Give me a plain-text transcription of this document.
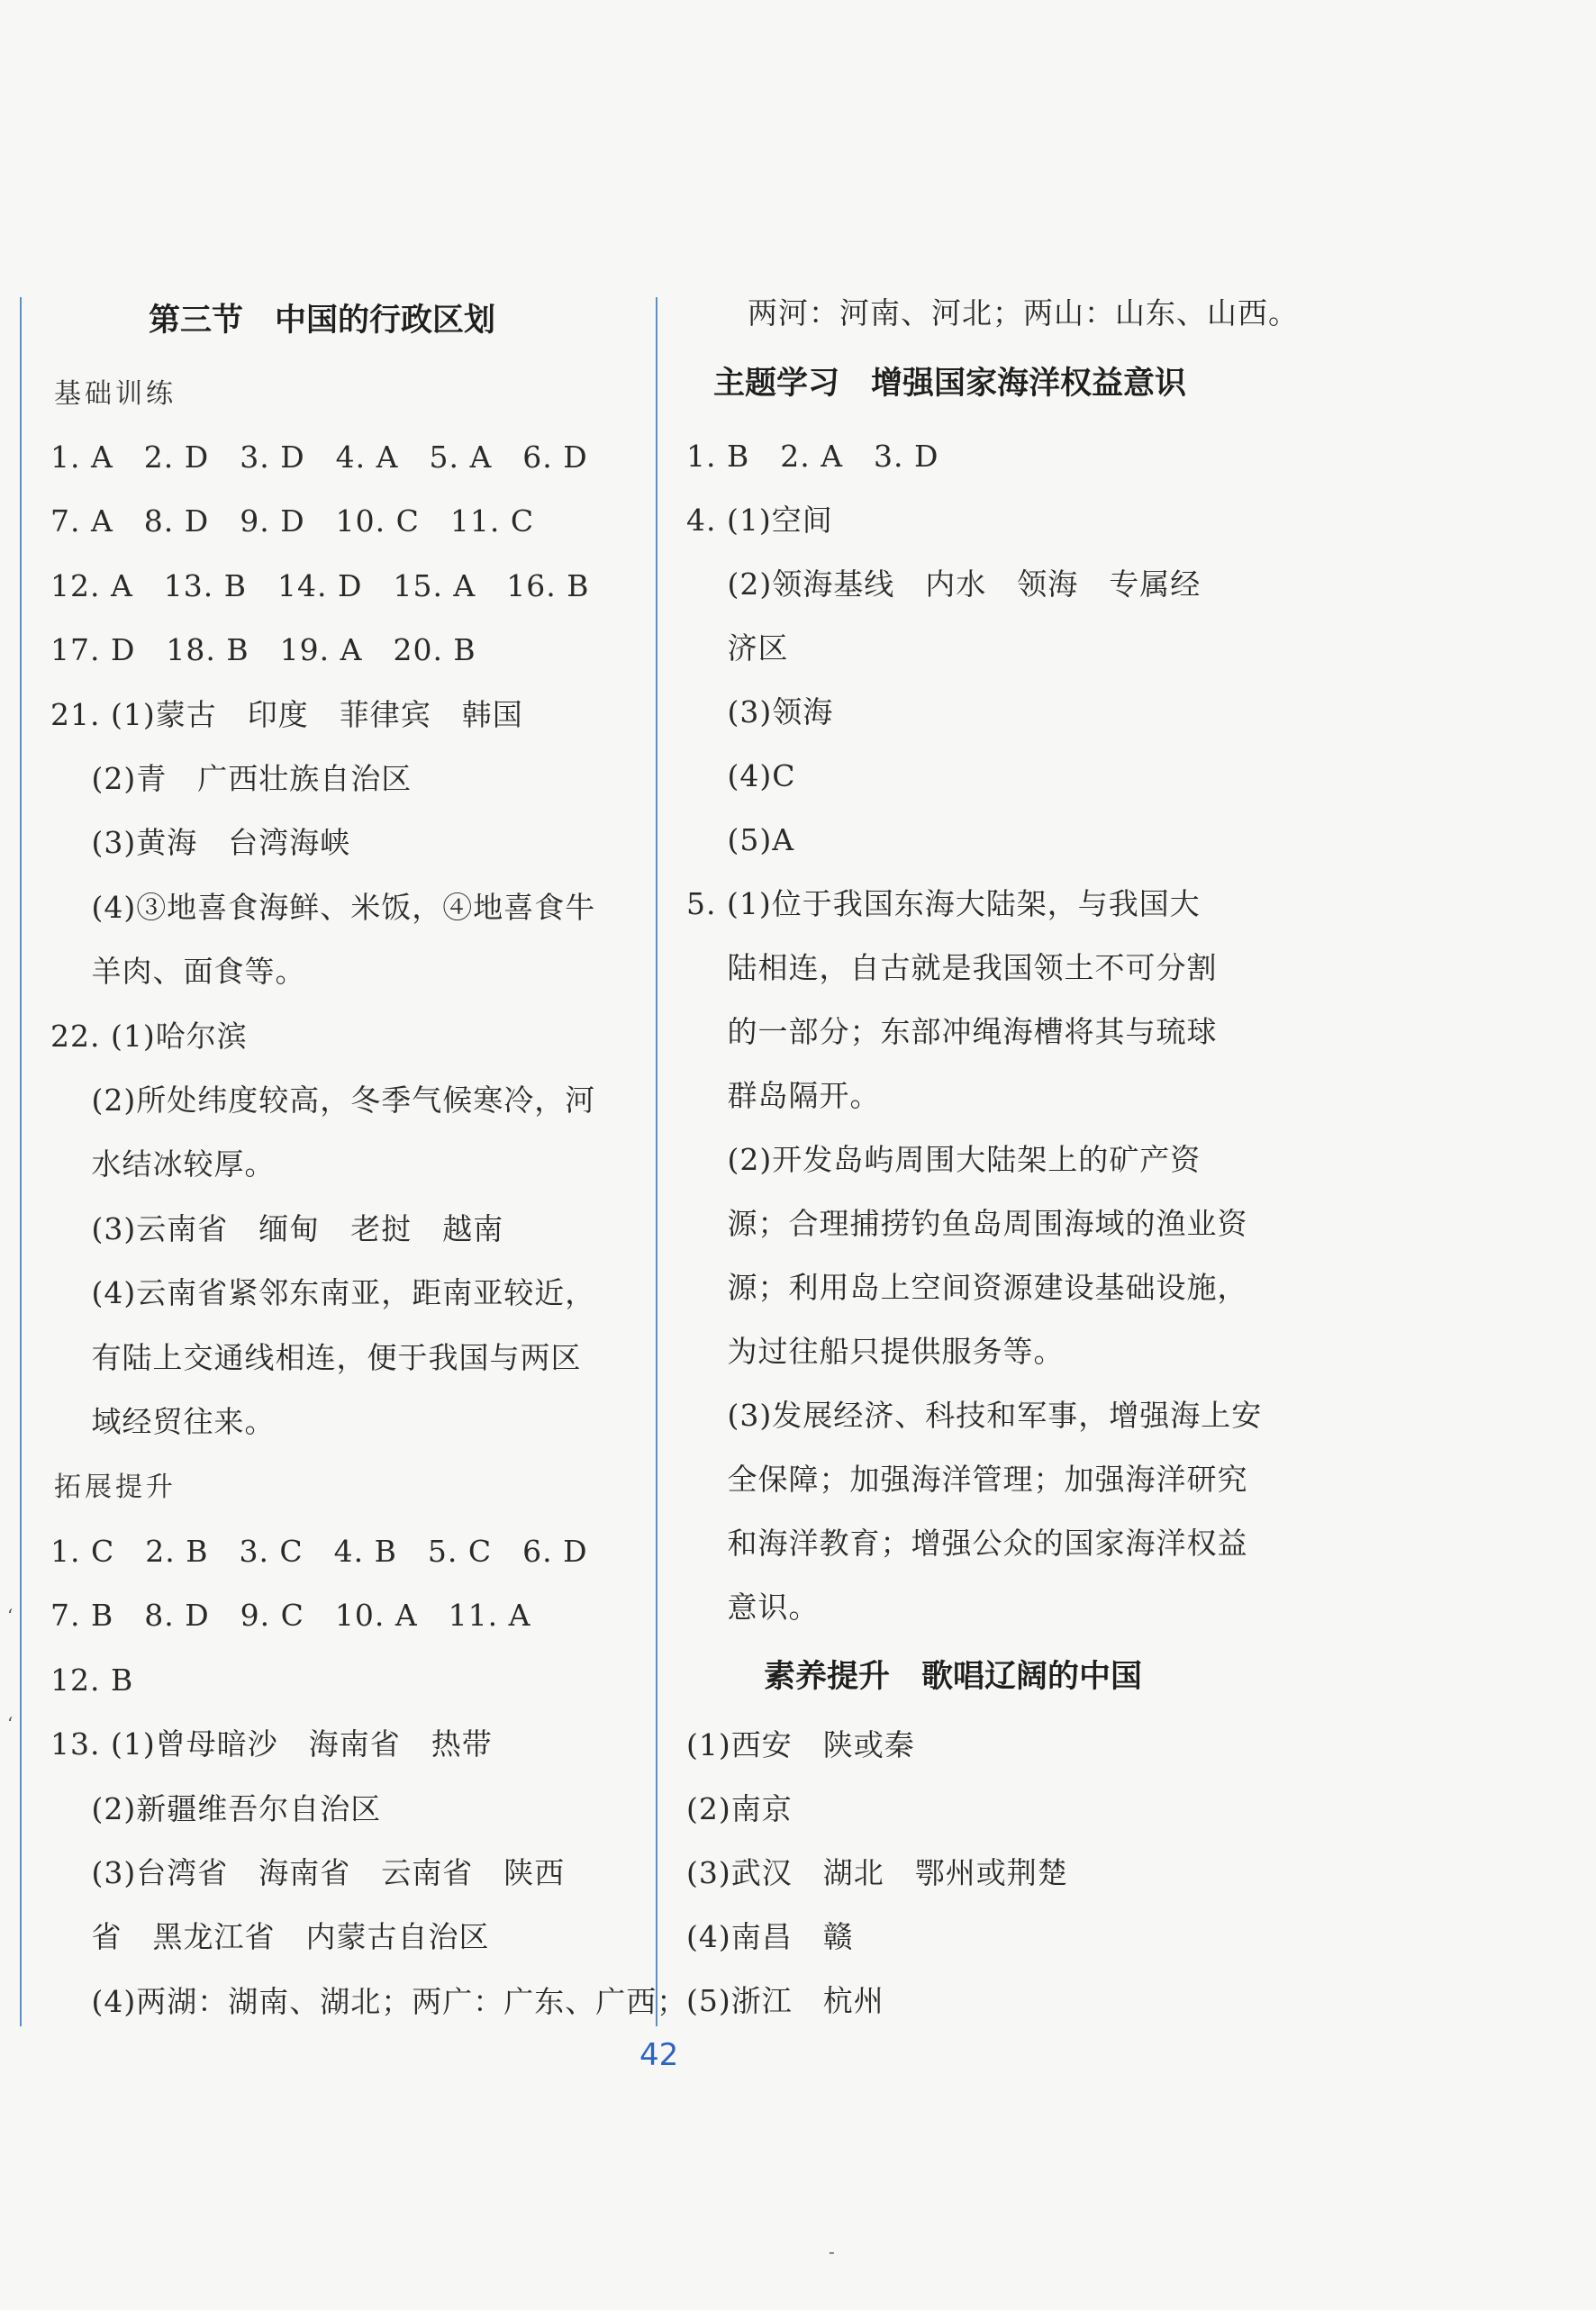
第三节　中国的行政区划
基础训练
1. A　2. D　3. D　4. A　5. A　6. D
7. A　8. D　9. D　10. C　11. C
12. A　13. B　14. D　15. A　16. B
17. D　18. B　19. A　20. B
21. (1)蒙古　印度　菲律宾　韩国
　 (2)青　广西壮族自治区
　 (3)黄海　台湾海峡
　 (4)③地喜食海鲜、米饭，④地喜食牛
　 羊肉、面食等。
22. (1)哈尔滨
　 (2)所处纬度较高，冬季气候寒冷，河
　 水结冰较厚。
　 (3)云南省　缅甸　老挝　越南
　 (4)云南省紧邻东南亚，距南亚较近，
　 有陆上交通线相连，便于我国与两区
　 域经贸往来。
拓展提升
1. C　2. B　3. C　4. B　5. C　6. D
7. B　8. D　9. C　10. A　11. A
12. B
13. (1)曾母暗沙　海南省　热带
　 (2)新疆维吾尔自治区
　 (3)台湾省　海南省　云南省　陕西
　 省　黑龙江省　内蒙古自治区
　 (4)两湖：湖南、湖北；两广：广东、广西；
两河：河南、河北；两山：山东、山西。
主题学习　增强国家海洋权益意识
1. B　2. A　3. D
4. (1)空间
　 (2)领海基线　内水　领海　专属经
　 济区
　 (3)领海
　 (4)C
　 (5)A
5. (1)位于我国东海大陆架，与我国大
　 陆相连，自古就是我国领土不可分割
　 的一部分；东部冲绳海槽将其与琉球
　 群岛隔开。
　 (2)开发岛屿周围大陆架上的矿产资
　 源；合理捕捞钓鱼岛周围海域的渔业资
　 源；利用岛上空间资源建设基础设施，
　 为过往船只提供服务等。
　 (3)发展经济、科技和军事，增强海上安
　 全保障；加强海洋管理；加强海洋研究
　 和海洋教育；增强公众的国家海洋权益
　 意识。
素养提升　歌唱辽阔的中国
(1)西安　陕或秦
(2)南京
(3)武汉　湖北　鄂州或荆楚
(4)南昌　赣
(5)浙江　杭州
42
‘
‘
‐
